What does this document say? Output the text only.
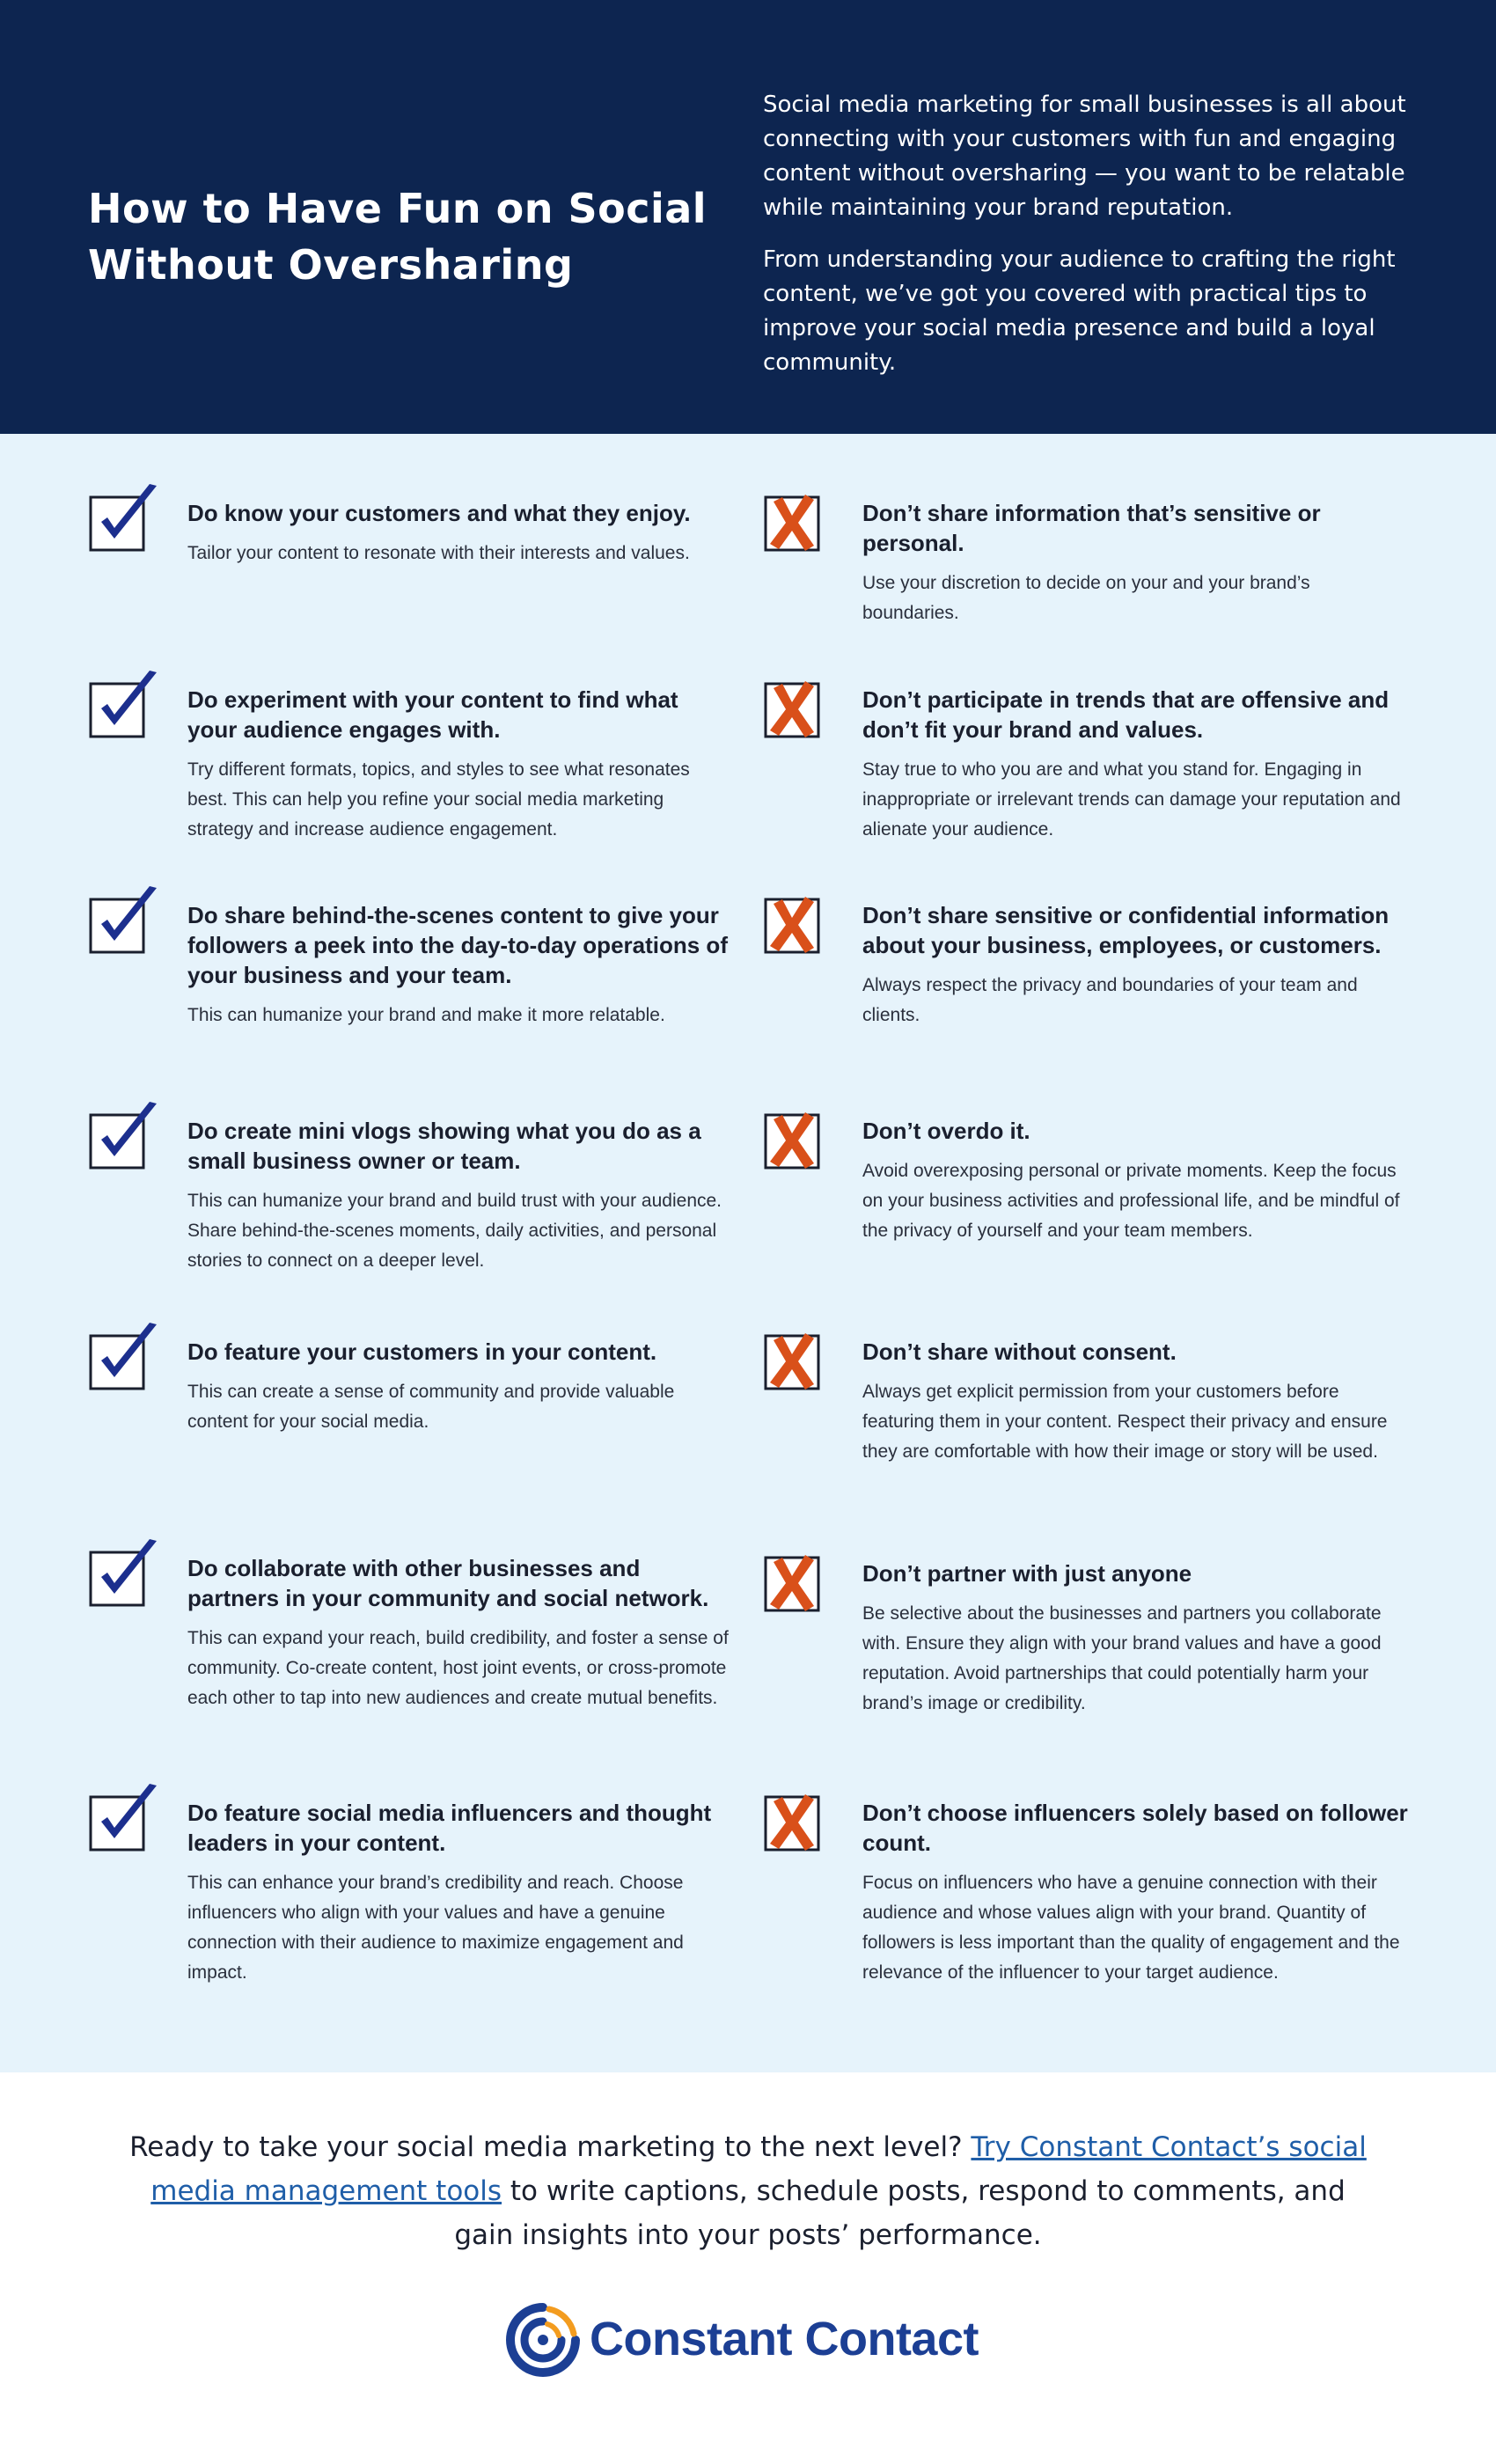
How to Have Fun on Social
Without Oversharing

Social media marketing for small businesses is all about connecting with your customers with fun and engaging content without oversharing — you want to be relatable while maintaining your brand reputation.

From understanding your audience to crafting the right content, we’ve got you covered with practical tips to improve your social media presence and build a loyal community.

Do know your customers and what they enjoy.
Tailor your content to resonate with their interests and values.
Do experiment with your content to find what your audience engages with.
Try different formats, topics, and styles to see what resonates best. This can help you refine your social media marketing strategy and increase audience engagement.
Do share behind-the-scenes content to give your followers a peek into the day-to-day operations of your business and your team.
This can humanize your brand and make it more relatable.
Do create mini vlogs showing what you do as a small business owner or team.
This can humanize your brand and build trust with your audience. Share behind-the-scenes moments, daily activities, and personal stories to connect on a deeper level.
Do feature your customers in your content.
This can create a sense of community and provide valuable content for your social media.
Do collaborate with other businesses and partners in your community and social network.
This can expand your reach, build credibility, and foster a sense of community. Co-create content, host joint events, or cross-promote each other to tap into new audiences and create mutual benefits.
Do feature social media influencers and thought leaders in your content.
This can enhance your brand’s credibility and reach. Choose influencers who align with your values and have a genuine connection with their audience to maximize engagement and impact.
Don’t share information that’s sensitive or personal.
Use your discretion to decide on your and your brand’s boundaries.
Don’t participate in trends that are offensive and don’t fit your brand and values.
Stay true to who you are and what you stand for. Engaging in inappropriate or irrelevant trends can damage your reputation and alienate your audience.
Don’t share sensitive or confidential information about your business, employees, or customers.
Always respect the privacy and boundaries of your team and clients.
Don’t overdo it.
Avoid overexposing personal or private moments. Keep the focus on your business activities and professional life, and be mindful of the privacy of yourself and your team members.
Don’t share without consent.
Always get explicit permission from your customers before featuring them in your content. Respect their privacy and ensure they are comfortable with how their image or story will be used.
Don’t partner with just anyone
Be selective about the businesses and partners you collaborate with. Ensure they align with your brand values and have a good reputation. Avoid partnerships that could potentially harm your brand’s image or credibility.
Don’t choose influencers solely based on follower count.
Focus on influencers who have a genuine connection with their audience and whose values align with your brand. Quantity of followers is less important than the quality of engagement and the relevance of the influencer to your target audience.
Ready to take your social media marketing to the next level? Try Constant Contact’s social media management tools to write captions, schedule posts, respond to comments, and gain insights into your posts’ performance.
Constant Contact
